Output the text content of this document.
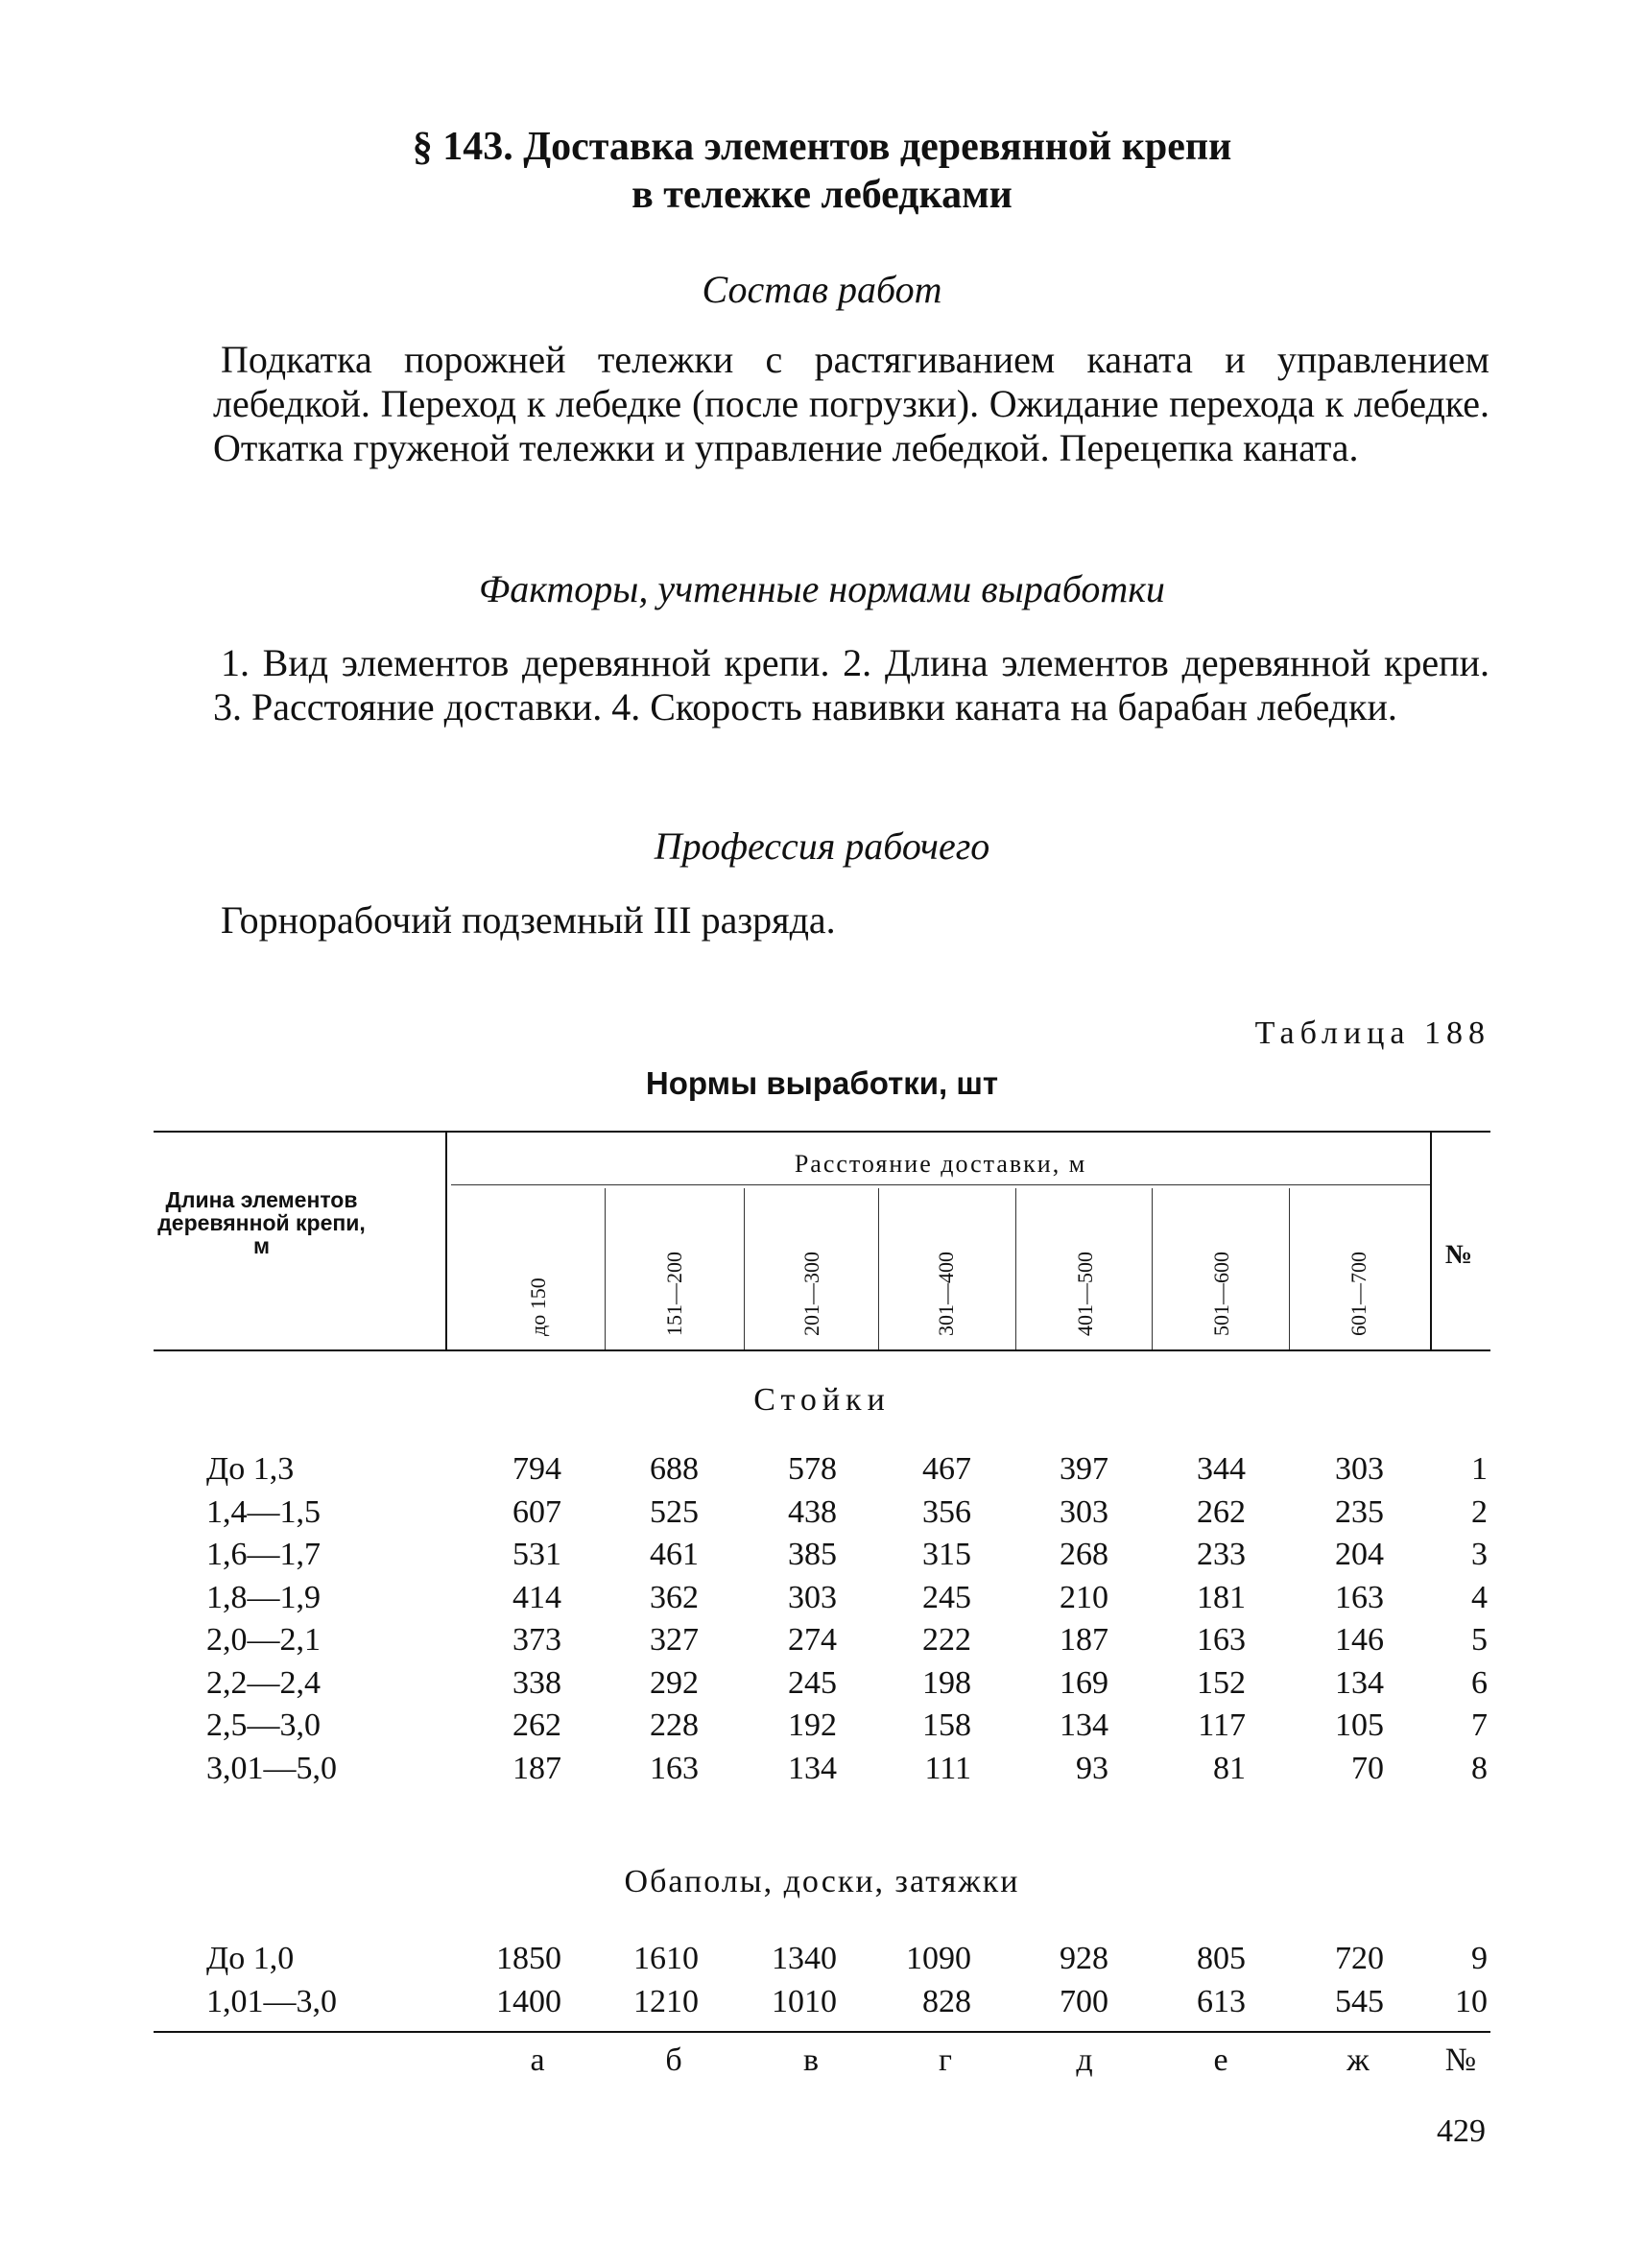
§ 143. Доставка элементов деревянной крепи
в тележке лебедками
Состав работ
Подкатка порожней тележки с растягиванием каната и управлением лебедкой. Переход к лебедке (после погрузки). Ожидание перехода к лебедке. Откатка груженой тележки и управление лебедкой. Перецепка каната.
Факторы, учтенные нормами выработки
1. Вид элементов деревянной крепи. 2. Длина элементов деревянной крепи. 3. Расстояние доставки. 4. Скорость навивки каната на барабан лебедки.
Профессия рабочего
Горнорабочий подземный III разряда.
Таблица 188
Нормы выработки, шт
Длина элементов деревянной крепи, м
Расстояние доставки, м
№
до 150	151—200	201—300	301—400	401—500	501—600	601—700
Стойки
До 1,3	794	688	578	467	397	344	303	1
1,4—1,5	607	525	438	356	303	262	235	2
1,6—1,7	531	461	385	315	268	233	204	3
1,8—1,9	414	362	303	245	210	181	163	4
2,0—2,1	373	327	274	222	187	163	146	5
2,2—2,4	338	292	245	198	169	152	134	6
2,5—3,0	262	228	192	158	134	117	105	7
3,01—5,0	187	163	134	111	93	81	70	8
Обаполы, доски, затяжки
До 1,0	1850	1610	1340	1090	928	805	720	9
1,01—3,0	1400	1210	1010	828	700	613	545	10
а	б	в	г	д	е	ж	№
429
